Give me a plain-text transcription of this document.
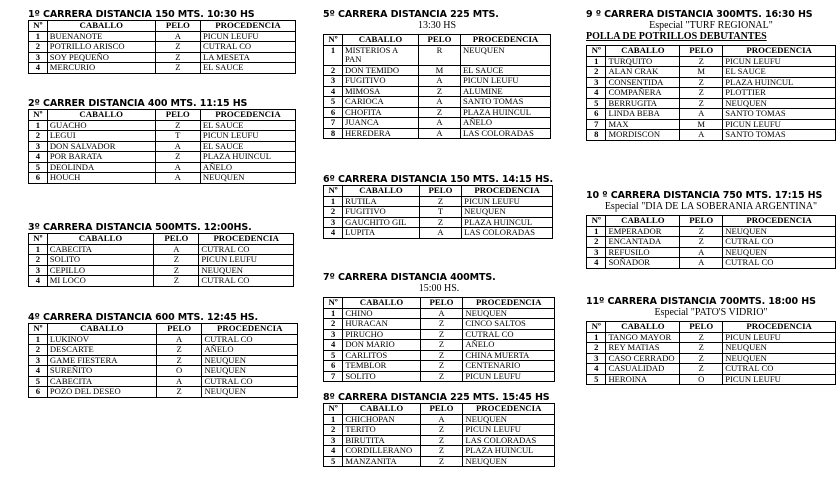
1º CARRERA DISTANCIA 150 MTS. 10:30 HS
Nº	CABALLO	PELO	PROCEDENCIA
1	BUENANOTE	A	PICUN LEUFU
2	POTRILLO ARISCO	Z	CUTRAL CO
3	SOY PEQUEÑO	Z	LA MESETA
4	MERCURIO	Z	EL SAUCE
2º CARRER DISTANCIA 400 MTS. 11:15 HS
Nº	CABALLO	PELO	PROCEDENCIA
1	GUACHO	Z	EL SAUCE
2	LEGUI	T	PICUN LEUFU
3	DON SALVADOR	A	EL SAUCE
4	POR BARATA	Z	PLAZA HUINCUL
5	DEOLINDA	A	AÑELO
6	HOUCH	A	NEUQUEN
3º CARRERA DISTANCIA 500MTS. 12:00HS.
Nº	CABALLO	PELO	PROCEDENCIA
1	CABECITA	A	CUTRAL CO
2	SOLITO	Z	PICUN LEUFU
3	CEPILLO	Z	NEUQUEN
4	MI LOCO	Z	CUTRAL CO
4º CARRERA DISTANCIA 600 MTS. 12:45 HS.
Nº	CABALLO	PELO	PROCEDENCIA
1	LUKINOV	A	CUTRAL CO
2	DESCARTE	Z	AÑELO
3	GAME FIESTERA	Z	NEUQUEN
4	SUREÑITO	O	NEUQUEN
5	CABECITA	A	CUTRAL CO
6	POZO DEL DESEO	Z	NEUQUEN
5º CARRERA DISTANCIA 225 MTS.
13:30 HS
Nº	CABALLO	PELO	PROCEDENCIA
1	MISTERIOS A PAN	R	NEUQUEN
2	DON TEMIDO	M	EL SAUCE
3	FUGITIVO	A	PICUN LEUFU
4	MIMOSA	Z	ALUMINE
5	CARIOCA	A	SANTO TOMAS
6	CHOFITA	Z	PLAZA HUINCUL
7	JUANCA	A	AÑELO
8	HEREDERA	A	LAS COLORADAS
6º CARRERA DISTANCIA 150 MTS. 14:15 HS.
Nº	CABALLO	PELO	PROCEDENCIA
1	RUTILA	Z	PICUN LEUFU
2	FUGITIVO	T	NEUQUEN
3	GAUCHITO GIL	Z	PLAZA HUINCUL
4	LUPITA	A	LAS COLORADAS
7º CARRERA DISTANCIA 400MTS.
15:00 HS.
Nº	CABALLO	PELO	PROCEDENCIA
1	CHINO	A	NEUQUEN
2	HURACAN	Z	CINCO SALTOS
3	PIRUCHO	Z	CUTRAL CO
4	DON MARIO	Z	AÑELO
5	CARLITOS	Z	CHINA MUERTA
6	TEMBLOR	Z	CENTENARIO
7	SOLITO	Z	PICUN LEUFU
8º CARRERA DISTANCIA 225 MTS. 15:45 HS
Nº	CABALLO	PELO	PROCEDENCIA
1	CHICHOPAN	A	NEUQUEN
2	TERITO	Z	PICUN LEUFU
3	BIRUTITA	Z	LAS COLORADAS
4	CORDILLERANO	Z	PLAZA HUINCUL
5	MANZANITA	Z	NEUQUEN
9 º CARRERA DISTANCIA 300MTS. 16:30 HS
Especial "TURF REGIONAL"
POLLA DE POTRILLOS DEBUTANTES
Nº	CABALLO	PELO	PROCEDENCIA
1	TURQUITO	Z	PICUN LEUFU
2	ALAN CRAK	M	EL SAUCE
3	CONSENTIDA	Z	PLAZA HUINCUL
4	COMPAÑERA	Z	PLOTTIER
5	BERRUGITA	Z	NEUQUEN
6	LINDA BEBA	A	SANTO TOMAS
7	MAX	M	PICUN LEUFU
8	MORDISCON	A	SANTO TOMAS
10 º CARRERA DISTANCIA 750 MTS. 17:15 HS
Especial "DIA DE LA SOBERANIA ARGENTINA"
Nº	CABALLO	PELO	PROCEDENCIA
1	EMPERADOR	Z	NEUQUEN
2	ENCANTADA	Z	CUTRAL CO
3	REFUSILO	A	NEUQUEN
4	SOÑADOR	A	CUTRAL CO
11º CARRERA DISTANCIA 700MTS. 18:00 HS
Especial "PATO'S VIDRIO"
Nº	CABALLO	PELO	PROCEDENCIA
1	TANGO MAYOR	Z	PICUN LEUFU
2	REY MATIAS	Z	NEUQUEN
3	CASO CERRADO	Z	NEUQUEN
4	CASUALIDAD	Z	CUTRAL CO
5	HEROINA	O	PICUN LEUFU
